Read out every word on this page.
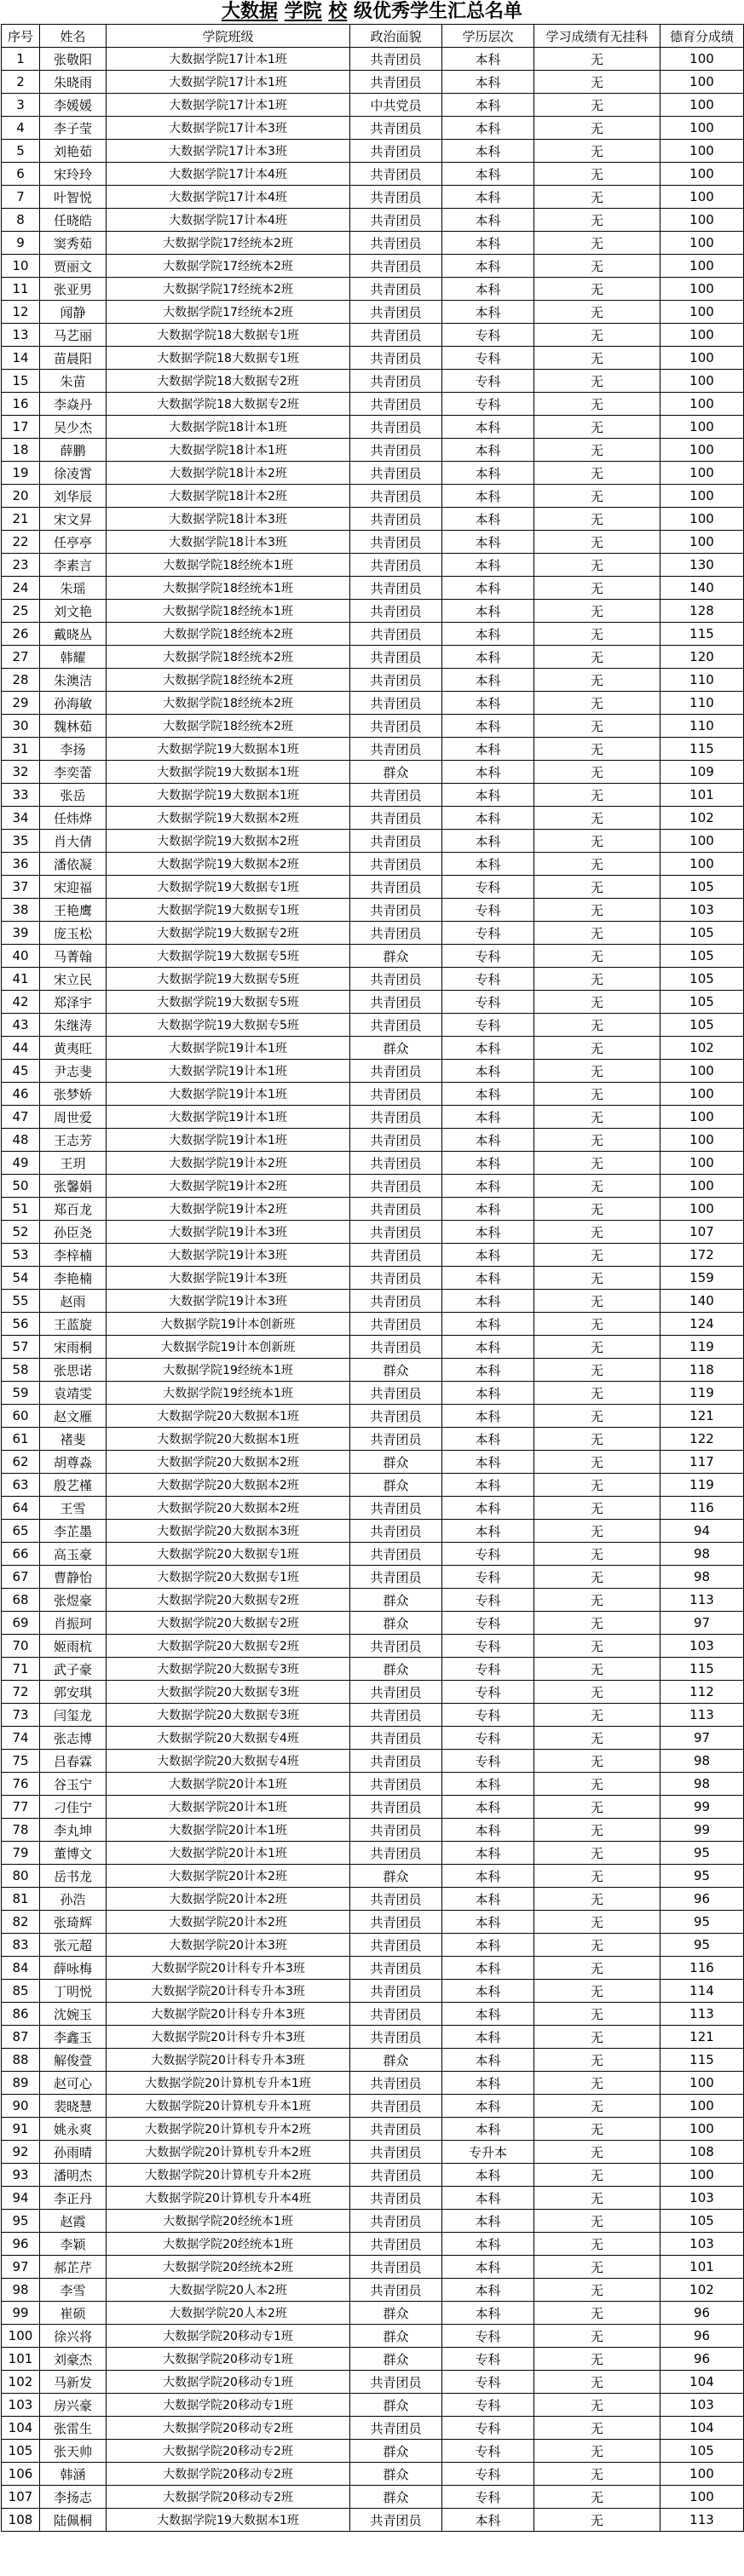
大数据 学院 校 级优秀学生汇总名单
序号	姓名	学院班级	政治面貌	学历层次	学习成绩有无挂科	德育分成绩
1	张敬阳	大数据学院17计本1班	共青团员	本科	无	100
2	朱晓雨	大数据学院17计本1班	共青团员	本科	无	100
3	李媛媛	大数据学院17计本1班	中共党员	本科	无	100
4	李子莹	大数据学院17计本3班	共青团员	本科	无	100
5	刘艳茹	大数据学院17计本3班	共青团员	本科	无	100
6	宋玲玲	大数据学院17计本4班	共青团员	本科	无	100
7	叶智悦	大数据学院17计本4班	共青团员	本科	无	100
8	任晓皓	大数据学院17计本4班	共青团员	本科	无	100
9	窦秀茹	大数据学院17经统本2班	共青团员	本科	无	100
10	贾丽文	大数据学院17经统本2班	共青团员	本科	无	100
11	张亚男	大数据学院17经统本2班	共青团员	本科	无	100
12	闻静	大数据学院17经统本2班	共青团员	本科	无	100
13	马艺丽	大数据学院18大数据专1班	共青团员	专科	无	100
14	苗晨阳	大数据学院18大数据专1班	共青团员	专科	无	100
15	朱苗	大数据学院18大数据专2班	共青团员	专科	无	100
16	李焱丹	大数据学院18大数据专2班	共青团员	专科	无	100
17	吴少杰	大数据学院18计本1班	共青团员	本科	无	100
18	薛鹏	大数据学院18计本1班	共青团员	本科	无	100
19	徐凌霄	大数据学院18计本2班	共青团员	本科	无	100
20	刘华辰	大数据学院18计本2班	共青团员	本科	无	100
21	宋文昇	大数据学院18计本3班	共青团员	本科	无	100
22	任亭亭	大数据学院18计本3班	共青团员	本科	无	100
23	李素言	大数据学院18经统本1班	共青团员	本科	无	130
24	朱瑶	大数据学院18经统本1班	共青团员	本科	无	140
25	刘文艳	大数据学院18经统本1班	共青团员	本科	无	128
26	戴晓丛	大数据学院18经统本2班	共青团员	本科	无	115
27	韩耀	大数据学院18经统本2班	共青团员	本科	无	120
28	朱澳洁	大数据学院18经统本2班	共青团员	本科	无	110
29	孙海敏	大数据学院18经统本2班	共青团员	本科	无	110
30	魏林茹	大数据学院18经统本2班	共青团员	本科	无	110
31	李扬	大数据学院19大数据本1班	共青团员	本科	无	115
32	李奕蕾	大数据学院19大数据本1班	群众	本科	无	109
33	张岳	大数据学院19大数据本1班	共青团员	本科	无	101
34	任炜烨	大数据学院19大数据本2班	共青团员	本科	无	102
35	肖大倩	大数据学院19大数据本2班	共青团员	本科	无	100
36	潘依凝	大数据学院19大数据本2班	共青团员	本科	无	100
37	宋迎福	大数据学院19大数据专1班	共青团员	专科	无	105
38	王艳鹰	大数据学院19大数据专1班	共青团员	专科	无	103
39	庞玉松	大数据学院19大数据专2班	共青团员	专科	无	105
40	马菁翰	大数据学院19大数据专5班	群众	专科	无	105
41	宋立民	大数据学院19大数据专5班	共青团员	专科	无	105
42	郑泽宇	大数据学院19大数据专5班	共青团员	专科	无	105
43	朱继涛	大数据学院19大数据专5班	共青团员	专科	无	105
44	黄夷旺	大数据学院19计本1班	群众	本科	无	102
45	尹志斐	大数据学院19计本1班	共青团员	本科	无	100
46	张梦娇	大数据学院19计本1班	共青团员	本科	无	100
47	周世爱	大数据学院19计本1班	共青团员	本科	无	100
48	王志芳	大数据学院19计本1班	共青团员	本科	无	100
49	王玥	大数据学院19计本2班	共青团员	本科	无	100
50	张馨娟	大数据学院19计本2班	共青团员	本科	无	100
51	郑百龙	大数据学院19计本2班	共青团员	本科	无	100
52	孙臣尧	大数据学院19计本3班	共青团员	本科	无	107
53	李梓楠	大数据学院19计本3班	共青团员	本科	无	172
54	李艳楠	大数据学院19计本3班	共青团员	本科	无	159
55	赵雨	大数据学院19计本3班	共青团员	本科	无	140
56	王蓝旋	大数据学院19计本创新班	共青团员	本科	无	124
57	宋雨桐	大数据学院19计本创新班	共青团员	本科	无	119
58	张思诺	大数据学院19经统本1班	群众	本科	无	118
59	袁靖雯	大数据学院19经统本1班	共青团员	本科	无	119
60	赵文雁	大数据学院20大数据本1班	共青团员	本科	无	121
61	褚斐	大数据学院20大数据本1班	共青团员	本科	无	122
62	胡尊淼	大数据学院20大数据本2班	群众	本科	无	117
63	殷艺槿	大数据学院20大数据本2班	群众	本科	无	119
64	王雪	大数据学院20大数据本2班	共青团员	本科	无	116
65	李芷墨	大数据学院20大数据本3班	共青团员	本科	无	94
66	高玉豪	大数据学院20大数据专1班	共青团员	专科	无	98
67	曹静怡	大数据学院20大数据专1班	共青团员	专科	无	98
68	张煜豪	大数据学院20大数据专2班	群众	专科	无	113
69	肖振珂	大数据学院20大数据专2班	群众	专科	无	97
70	姬雨杭	大数据学院20大数据专2班	共青团员	专科	无	103
71	武子豪	大数据学院20大数据专3班	群众	专科	无	115
72	郭安琪	大数据学院20大数据专3班	共青团员	专科	无	112
73	闫玺龙	大数据学院20大数据专3班	共青团员	专科	无	113
74	张志博	大数据学院20大数据专4班	共青团员	专科	无	97
75	吕春霖	大数据学院20大数据专4班	共青团员	专科	无	98
76	谷玉宁	大数据学院20计本1班	共青团员	本科	无	98
77	刁佳宁	大数据学院20计本1班	共青团员	本科	无	99
78	李丸坤	大数据学院20计本1班	共青团员	本科	无	99
79	董博文	大数据学院20计本1班	共青团员	本科	无	95
80	岳书龙	大数据学院20计本2班	群众	本科	无	95
81	孙浩	大数据学院20计本2班	共青团员	本科	无	96
82	张琦辉	大数据学院20计本2班	共青团员	本科	无	95
83	张元超	大数据学院20计本3班	共青团员	本科	无	95
84	薛咏梅	大数据学院20计科专升本3班	共青团员	本科	无	116
85	丁明悦	大数据学院20计科专升本3班	共青团员	本科	无	114
86	沈婉玉	大数据学院20计科专升本3班	共青团员	本科	无	113
87	李鑫玉	大数据学院20计科专升本3班	共青团员	本科	无	121
88	解俊萱	大数据学院20计科专升本3班	群众	本科	无	115
89	赵可心	大数据学院20计算机专升本1班	共青团员	本科	无	100
90	裴晓慧	大数据学院20计算机专升本1班	共青团员	本科	无	100
91	姚永爽	大数据学院20计算机专升本2班	共青团员	本科	无	100
92	孙雨晴	大数据学院20计算机专升本2班	共青团员	专升本	无	108
93	潘明杰	大数据学院20计算机专升本2班	共青团员	本科	无	100
94	李正丹	大数据学院20计算机专升本4班	共青团员	本科	无	103
95	赵霞	大数据学院20经统本1班	共青团员	本科	无	105
96	李颖	大数据学院20经统本1班	共青团员	本科	无	103
97	郝芷芹	大数据学院20经统本2班	共青团员	本科	无	101
98	李雪	大数据学院20人本2班	共青团员	本科	无	102
99	崔硕	大数据学院20人本2班	群众	本科	无	96
100	徐兴将	大数据学院20移动专1班	群众	专科	无	96
101	刘豪杰	大数据学院20移动专1班	群众	专科	无	96
102	马新发	大数据学院20移动专1班	共青团员	专科	无	104
103	房兴豪	大数据学院20移动专1班	群众	专科	无	103
104	张雷生	大数据学院20移动专2班	共青团员	专科	无	104
105	张天帅	大数据学院20移动专2班	群众	专科	无	105
106	韩涵	大数据学院20移动专2班	群众	专科	无	100
107	李扬志	大数据学院20移动专2班	群众	专科	无	100
108	陆佩桐	大数据学院19大数据本1班	共青团员	本科	无	113
